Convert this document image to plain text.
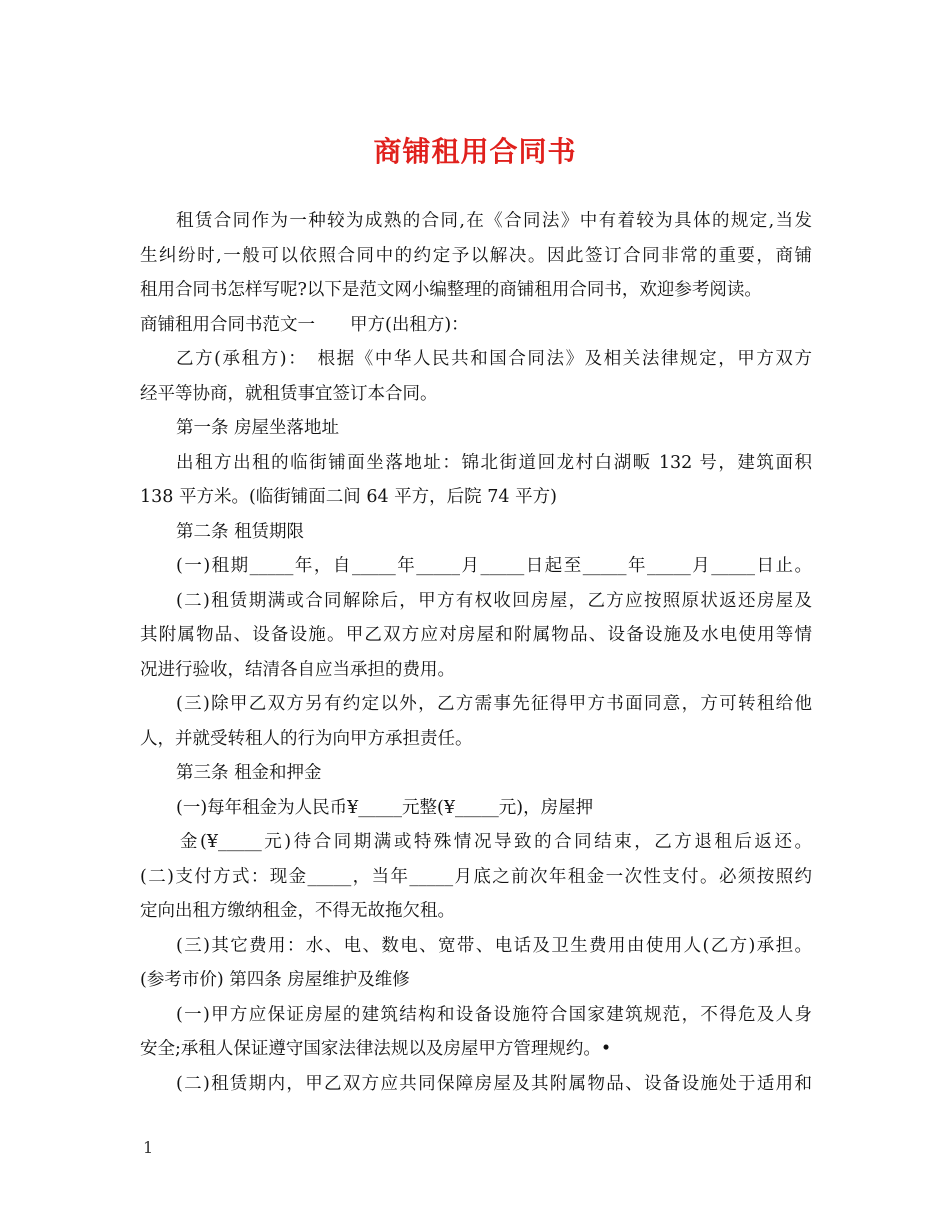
商铺租用合同书
租赁合同作为一种较为成熟的合同,在《合同法》中有着较为具体的规定,当发
生纠纷时,一般可以依照合同中的约定予以解决。因此签订合同非常的重要，商铺
租用合同书怎样写呢?以下是范文网小编整理的商铺租用合同书，欢迎参考阅读。
商铺租用合同书范文一　　甲方(出租方)：
乙方(承租方)：　根据《中华人民共和国合同法》及相关法律规定，甲方双方
经平等协商，就租赁事宜签订本合同。
第一条 房屋坐落地址
出租方出租的临街铺面坐落地址：锦北街道回龙村白湖畈 132 号，建筑面积
138 平方米。(临街铺面二间 64 平方，后院 74 平方)
第二条 租赁期限
(一)租期_____年，自_____年_____月_____日起至_____年_____月_____日止。
(二)租赁期满或合同解除后，甲方有权收回房屋，乙方应按照原状返还房屋及
其附属物品、设备设施。甲乙双方应对房屋和附属物品、设备设施及水电使用等情
况进行验收，结清各自应当承担的费用。
(三)除甲乙双方另有约定以外，乙方需事先征得甲方书面同意，方可转租给他
人，并就受转租人的行为向甲方承担责任。
第三条 租金和押金
(一)每年租金为人民币¥_____元整(¥_____元)，房屋押
金(¥_____元)待合同期满或特殊情况导致的合同结束，乙方退租后返还。
(二)支付方式：现金_____，当年_____月底之前次年租金一次性支付。必须按照约
定向出租方缴纳租金，不得无故拖欠租。
(三)其它费用：水、电、数电、宽带、电话及卫生费用由使用人(乙方)承担。
(参考市价) 第四条 房屋维护及维修
(一)甲方应保证房屋的建筑结构和设备设施符合国家建筑规范，不得危及人身
安全;承租人保证遵守国家法律法规以及房屋甲方管理规约。•
(二)租赁期内，甲乙双方应共同保障房屋及其附属物品、设备设施处于适用和
1
